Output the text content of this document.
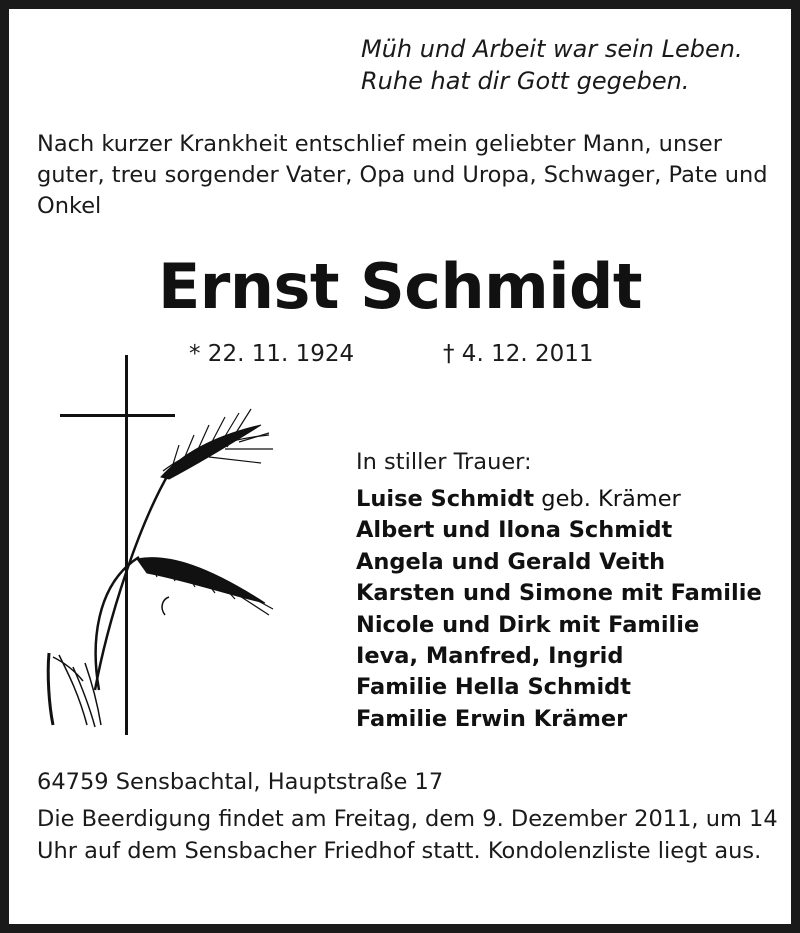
Müh und Arbeit war sein Leben.
Ruhe hat dir Gott gegeben.
Nach kurzer Krankheit entschlief mein geliebter Mann, unser guter, treu sorgender Vater, Opa und Uropa, Schwager, Pate und Onkel
Ernst Schmidt
* 22. 11. 1924	† 4. 12. 2011
In stiller Trauer:
Luise Schmidt geb. Krämer
Albert und Ilona Schmidt
Angela und Gerald Veith
Karsten und Simone mit Familie
Nicole und Dirk mit Familie
Ieva, Manfred, Ingrid
Familie Hella Schmidt
Familie Erwin Krämer
64759 Sensbachtal, Hauptstraße 17
Die Beerdigung findet am Freitag, dem 9. Dezember 2011, um 14 Uhr auf dem Sensbacher Friedhof statt. Kondolenzliste liegt aus.
